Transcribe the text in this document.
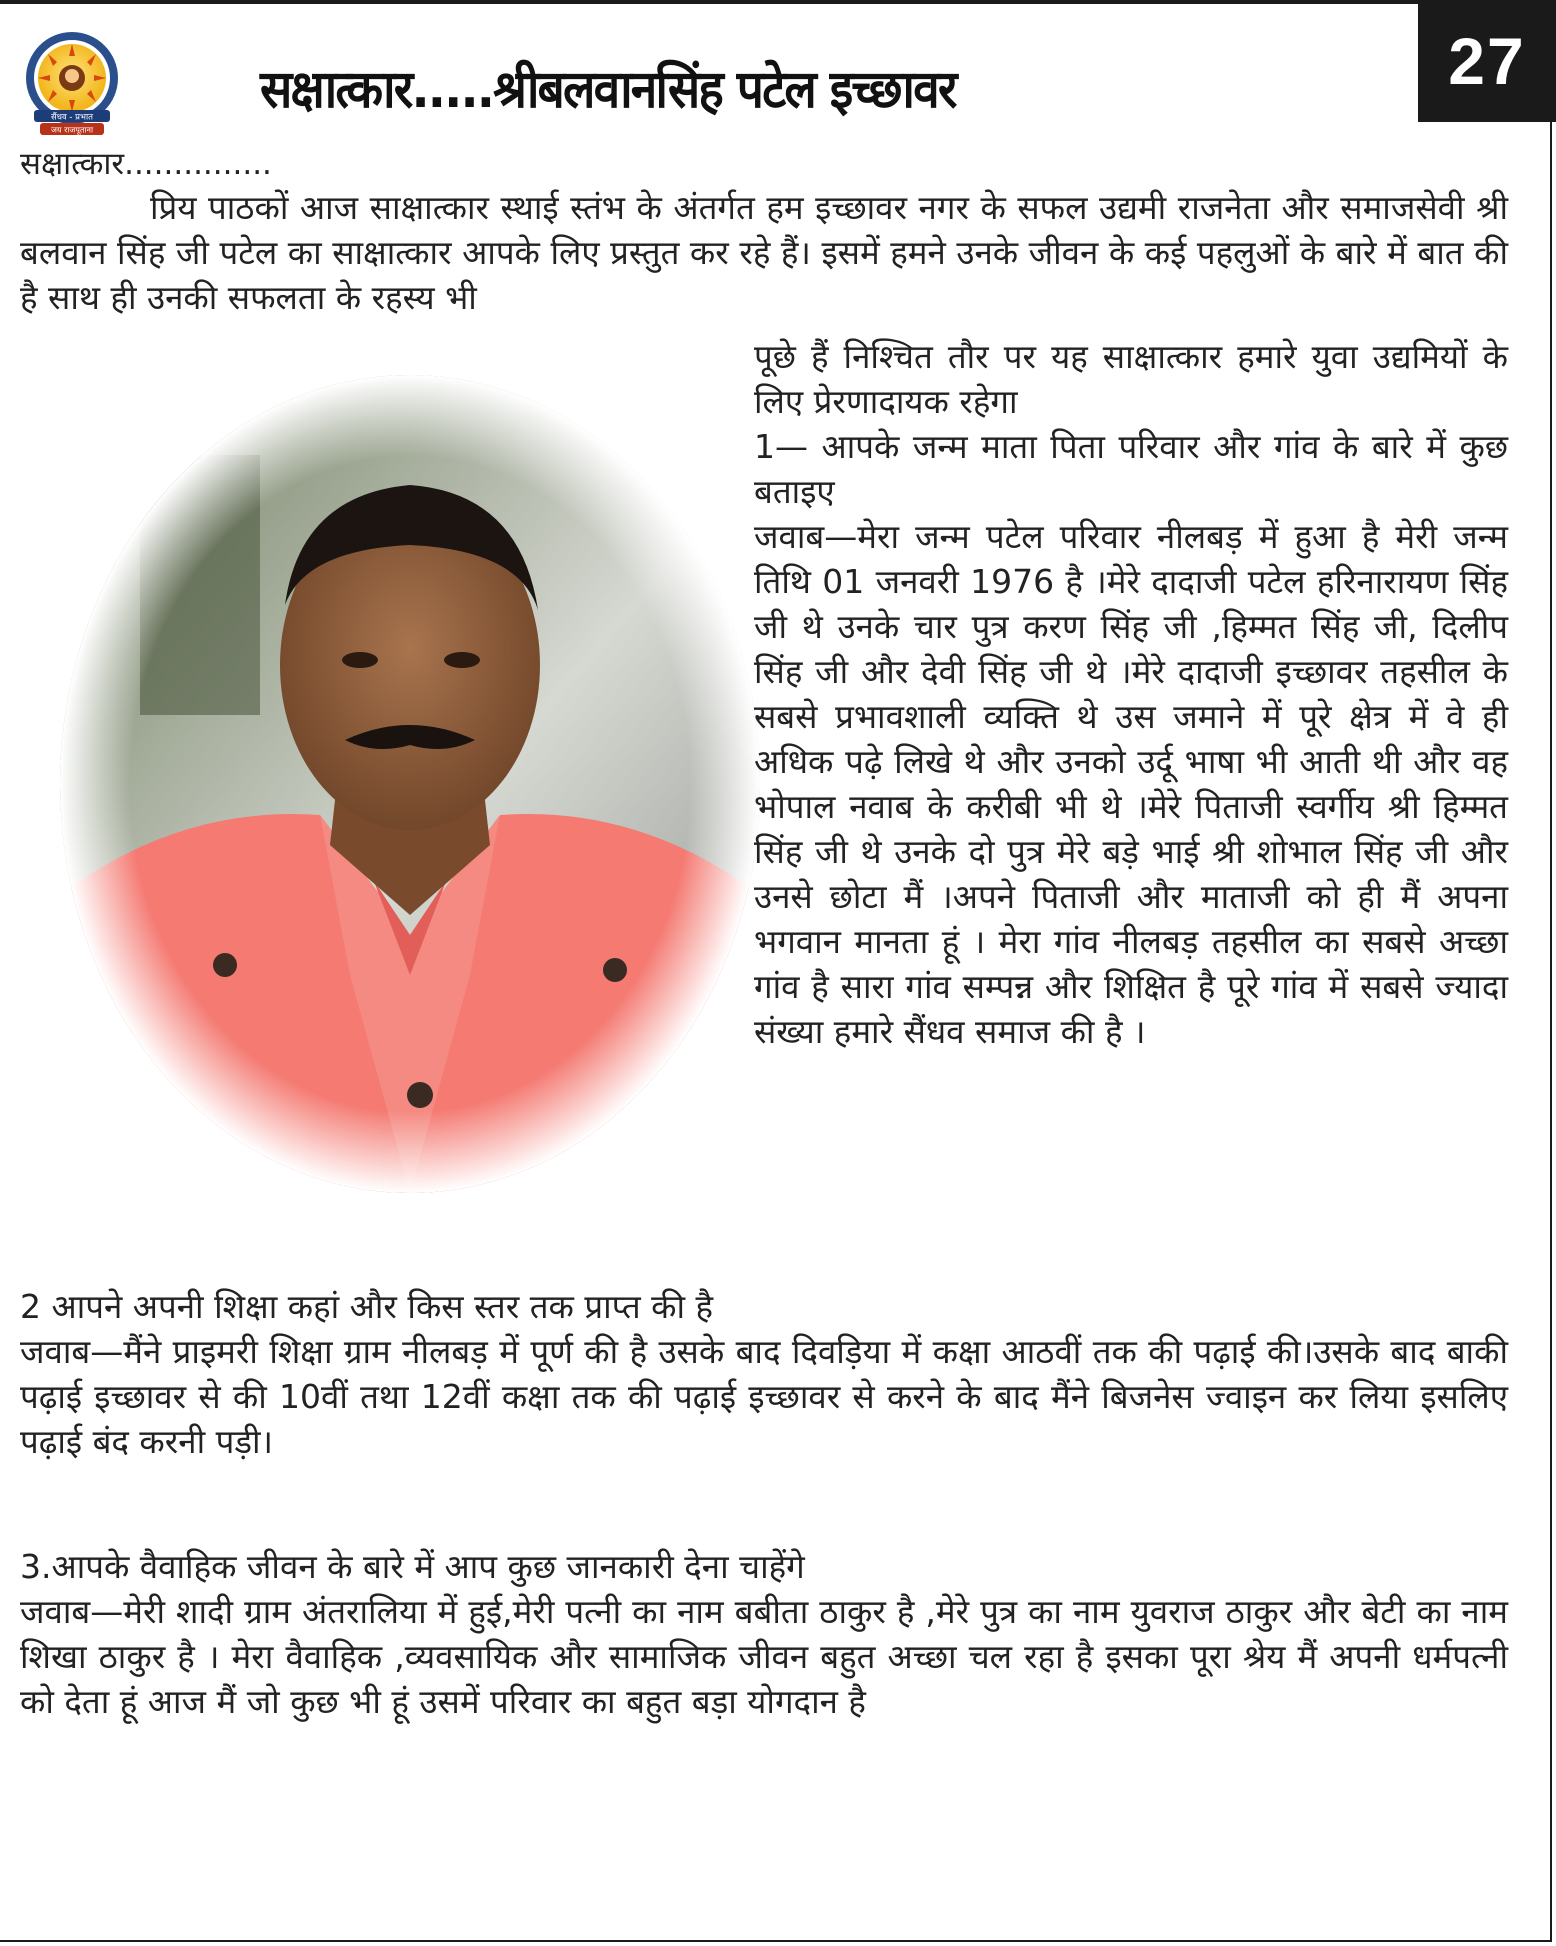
सैंधव - प्रभात
जय राजपूताना
सक्षात्कार.....श्रीबलवानसिंह पटेल इच्छावर	27
सक्षात्कार...............

प्रिय पाठकों आज साक्षात्कार स्थाई स्तंभ के अंतर्गत हम इच्छावर नगर के सफल उद्यमी राजनेता और समाजसेवी श्री बलवान सिंह जी पटेल का साक्षात्कार आपके लिए प्रस्तुत कर रहे हैं। इसमें हमने उनके जीवन के कई पहलुओं के बारे में बात की है साथ ही उनकी सफलता के रहस्य भी

पूछे हैं निश्चित तौर पर यह साक्षात्कार हमारे युवा उद्यमियों के लिए प्रेरणादायक रहेगा

1— आपके जन्म माता पिता परिवार और गांव के बारे में कुछ बताइए

जवाब—मेरा जन्म पटेल परिवार नीलबड़ में हुआ है मेरी जन्म तिथि 01 जनवरी 1976 है ।मेरे दादाजी पटेल हरिनारायण सिंह जी थे उनके चार पुत्र करण सिंह जी ,हिम्मत सिंह जी, दिलीप सिंह जी और देवी सिंह जी थे ।मेरे दादाजी इच्छावर तहसील के सबसे प्रभावशाली व्यक्ति थे उस जमाने में पूरे क्षेत्र में वे ही अधिक पढ़े लिखे थे और उनको उर्दू भाषा भी आती थी और वह भोपाल नवाब के करीबी भी थे ।मेरे पिताजी स्वर्गीय श्री हिम्मत सिंह जी थे उनके दो पुत्र मेरे बड़े भाई श्री शोभाल सिंह जी और उनसे छोटा मैं ।अपने पिताजी और माताजी को ही मैं अपना भगवान मानता हूं । मेरा गांव नीलबड़ तहसील का सबसे अच्छा गांव है सारा गांव सम्पन्न और शिक्षित है पूरे गांव में सबसे ज्यादा संख्या हमारे सैंधव समाज की है ।

2 आपने अपनी शिक्षा कहां और किस स्तर तक प्राप्त की है

जवाब—मैंने प्राइमरी शिक्षा ग्राम नीलबड़ में पूर्ण की है उसके बाद दिवड़िया में कक्षा आठवीं तक की पढ़ाई की।उसके बाद बाकी पढ़ाई इच्छावर से की 10वीं तथा 12वीं कक्षा तक की पढ़ाई इच्छावर से करने के बाद मैंने बिजनेस ज्वाइन कर लिया इसलिए पढ़ाई बंद करनी पड़ी।

3.आपके वैवाहिक जीवन के बारे में आप कुछ जानकारी देना चाहेंगे

जवाब—मेरी शादी ग्राम अंतरालिया में हुई,मेरी पत्नी का नाम बबीता ठाकुर है ,मेरे पुत्र का नाम युवराज ठाकुर और बेटी का नाम शिखा ठाकुर है । मेरा वैवाहिक ,व्यवसायिक और सामाजिक जीवन बहुत अच्छा चल रहा है इसका पूरा श्रेय मैं अपनी धर्मपत्नी को देता हूं आज मैं जो कुछ भी हूं उसमें परिवार का बहुत बड़ा योगदान है
